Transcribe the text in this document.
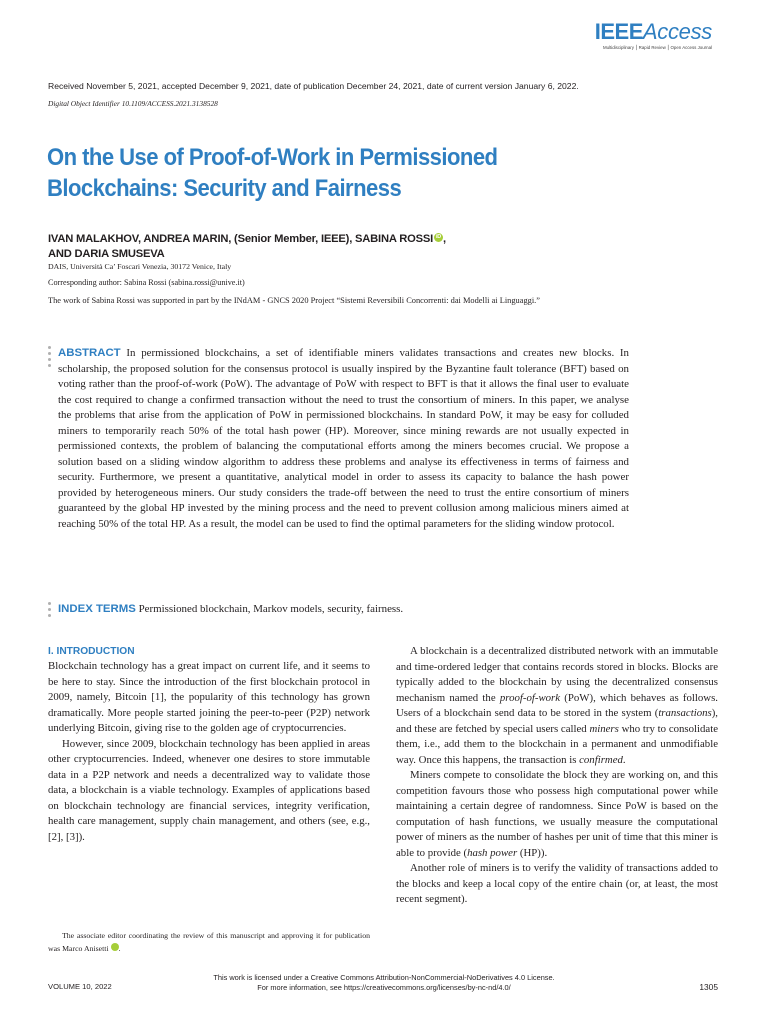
IEEEAccess
Multidisciplinary ⎮ Rapid Review ⎮ Open Access Journal
Received November 5, 2021, accepted December 9, 2021, date of publication December 24, 2021, date of current version January 6, 2022.
Digital Object Identifier 10.1109/ACCESS.2021.3138528
On the Use of Proof-of-Work in Permissioned Blockchains: Security and Fairness
IVAN MALAKHOV, ANDREA MARIN, (Senior Member, IEEE), SABINA ROSSI iD ,
AND DARIA SMUSEVA
DAIS, Università Ca’ Foscari Venezia, 30172 Venice, Italy
Corresponding author: Sabina Rossi (sabina.rossi@unive.it)
The work of Sabina Rossi was supported in part by the INdAM - GNCS 2020 Project “Sistemi Reversibili Concorrenti: dai Modelli ai Linguaggi.”
ABSTRACT In permissioned blockchains, a set of identifiable miners validates transactions and creates new blocks. In scholarship, the proposed solution for the consensus protocol is usually inspired by the Byzantine fault tolerance (BFT) based on voting rather than the proof-of-work (PoW). The advantage of PoW with respect to BFT is that it allows the final user to evaluate the cost required to change a confirmed transaction without the need to trust the consortium of miners. In this paper, we analyse the problems that arise from the application of PoW in permissioned blockchains. In standard PoW, it may be easy for colluded miners to temporarily reach 50% of the total hash power (HP). Moreover, since mining rewards are not usually expected in permissioned contexts, the problem of balancing the computational efforts among the miners becomes crucial. We propose a solution based on a sliding window algorithm to address these problems and analyse its effectiveness in terms of fairness and security. Furthermore, we present a quantitative, analytical model in order to assess its capacity to balance the hash power provided by heterogeneous miners. Our study considers the trade-off between the need to trust the entire consortium of miners guaranteed by the global HP invested by the mining process and the need to prevent collusion among malicious miners aimed at reaching 50% of the total HP. As a result, the model can be used to find the optimal parameters for the sliding window protocol.
INDEX TERMS Permissioned blockchain, Markov models, security, fairness.
I. INTRODUCTION

Blockchain technology has a great impact on current life, and it seems to be here to stay. Since the introduction of the first blockchain protocol in 2009, namely, Bitcoin [1], the popularity of this technology has grown dramatically. More people started joining the peer-to-peer (P2P) network underlying Bitcoin, giving rise to the golden age of cryptocurrencies.

However, since 2009, blockchain technology has been applied in areas other cryptocurrencies. Indeed, whenever one desires to store immutable data in a P2P network and needs a decentralized way to validate those data, a blockchain is a viable technology. Examples of applications based on blockchain technology are financial services, integrity verification, health care management, supply chain management, and others (see, e.g., [2], [3]).

A blockchain is a decentralized distributed network with an immutable and time-ordered ledger that contains records stored in blocks. Blocks are typically added to the blockchain by using the decentralized consensus mechanism named the proof-of-work (PoW), which behaves as follows. Users of a blockchain send data to be stored in the system (transactions), and these are fetched by special users called miners who try to consolidate them, i.e., add them to the blockchain in a permanent and unmodifiable way. Once this happens, the transaction is confirmed.

Miners compete to consolidate the block they are working on, and this competition favours those who possess high computational power while maintaining a certain degree of randomness. Since PoW is based on the computation of hash functions, we usually measure the computational power of miners as the number of hashes per unit of time that this miner is able to provide (hash power (HP)).

Another role of miners is to verify the validity of transactions added to the blocks and keep a local copy of the entire chain (or, at least, the most recent segment).

The associate editor coordinating the review of this manuscript and approving it for publication was Marco Anisetti	iD.
This work is licensed under a Creative Commons Attribution-NonCommercial-NoDerivatives 4.0 License.
For more information, see https://creativecommons.org/licenses/by-nc-nd/4.0/
VOLUME 10, 2022	1305
